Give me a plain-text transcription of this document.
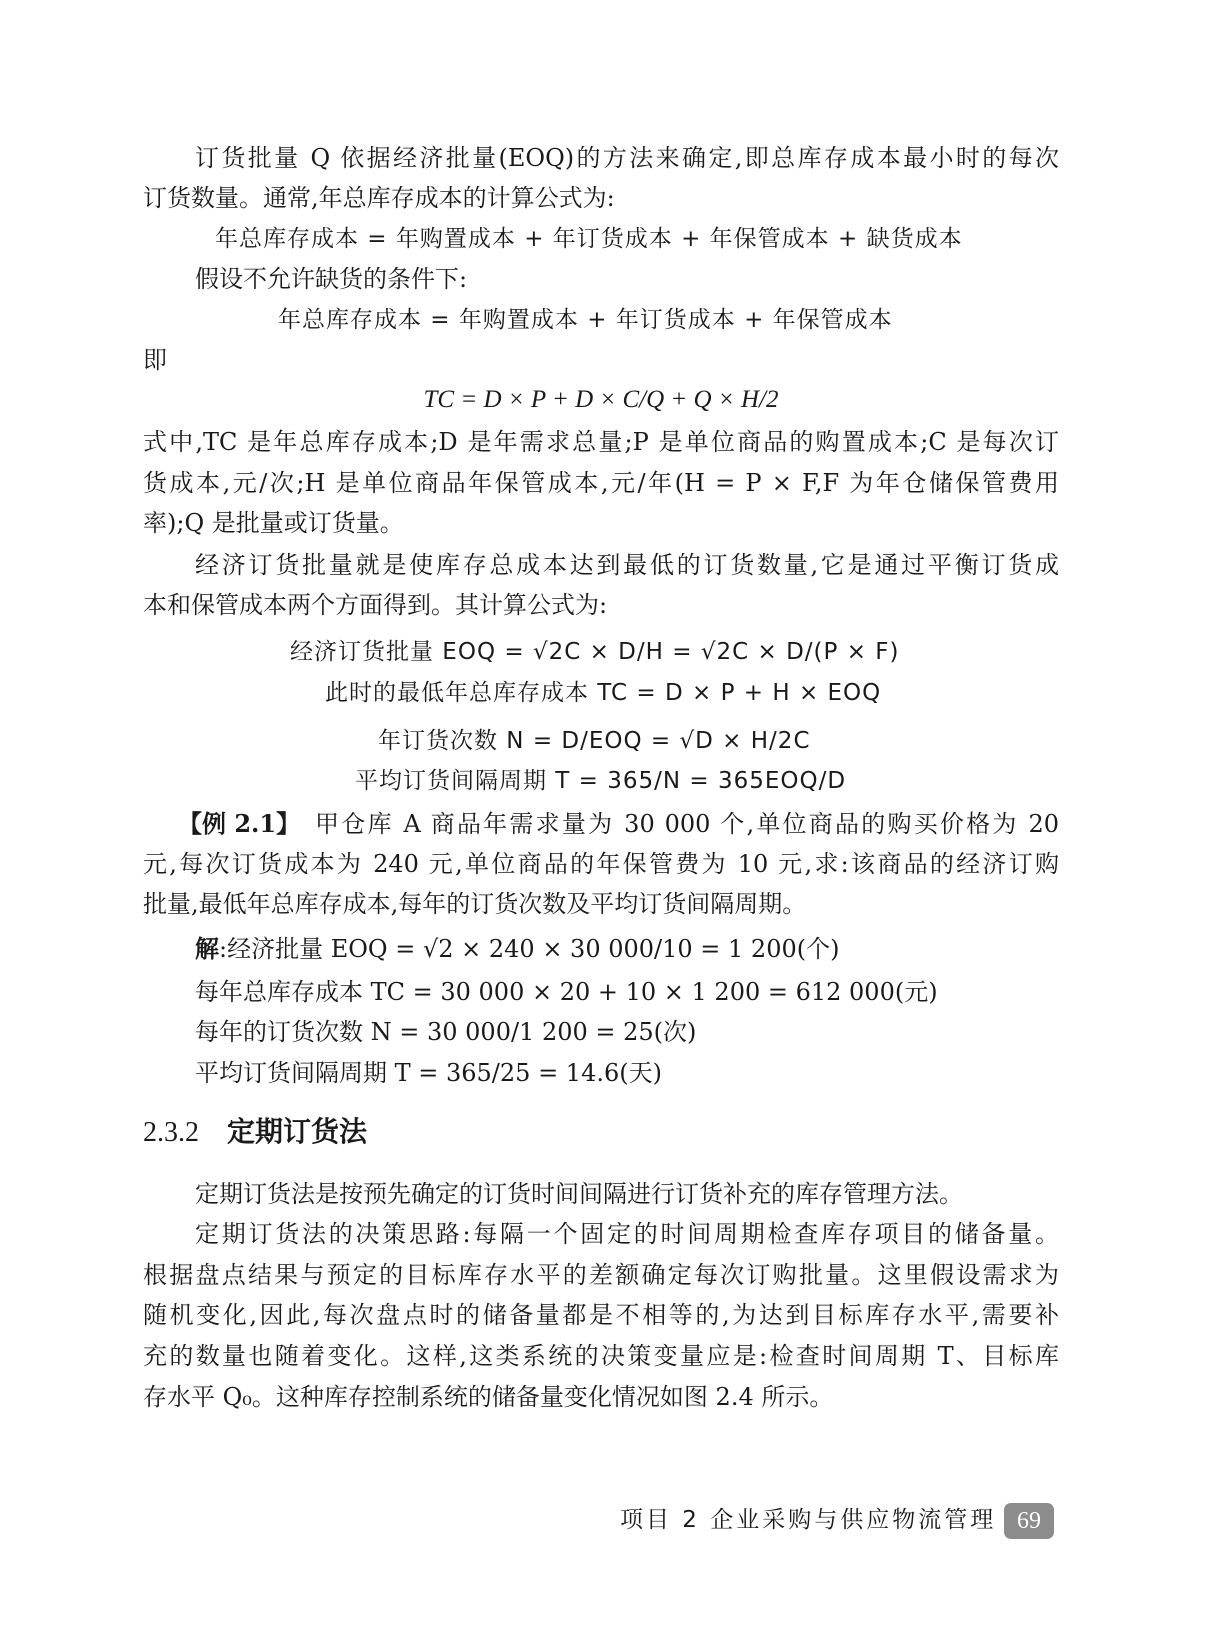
订货批量 Q 依据经济批量(EOQ)的方法来确定,即总库存成本最小时的每次
订货数量。通常,年总库存成本的计算公式为:
年总库存成本 = 年购置成本 + 年订货成本 + 年保管成本 + 缺货成本
假设不允许缺货的条件下:
年总库存成本 = 年购置成本 + 年订货成本 + 年保管成本
即
TC = D × P + D × C/Q + Q × H/2
式中,TC 是年总库存成本;D 是年需求总量;P 是单位商品的购置成本;C 是每次订
货成本,元/次;H 是单位商品年保管成本,元/年(H = P × F,F 为年仓储保管费用
率);Q 是批量或订货量。
经济订货批量就是使库存总成本达到最低的订货数量,它是通过平衡订货成
本和保管成本两个方面得到。其计算公式为:
经济订货批量 EOQ = √2C × D/H = √2C × D/(P × F)
此时的最低年总库存成本 TC = D × P + H × EOQ
年订货次数 N = D/EOQ = √D × H/2C
平均订货间隔周期 T = 365/N = 365EOQ/D
【例 2.1】 甲仓库 A 商品年需求量为 30 000 个,单位商品的购买价格为 20
元,每次订货成本为 240 元,单位商品的年保管费为 10 元,求:该商品的经济订购
批量,最低年总库存成本,每年的订货次数及平均订货间隔周期。
解:经济批量 EOQ = √2 × 240 × 30 000/10 = 1 200(个)
每年总库存成本 TC = 30 000 × 20 + 10 × 1 200 = 612 000(元)
每年的订货次数 N = 30 000/1 200 = 25(次)
平均订货间隔周期 T = 365/25 = 14.6(天)
2.3.2 定期订货法
定期订货法是按预先确定的订货时间间隔进行订货补充的库存管理方法。
定期订货法的决策思路:每隔一个固定的时间周期检查库存项目的储备量。
根据盘点结果与预定的目标库存水平的差额确定每次订购批量。这里假设需求为
随机变化,因此,每次盘点时的储备量都是不相等的,为达到目标库存水平,需要补
充的数量也随着变化。这样,这类系统的决策变量应是:检查时间周期 T、目标库
存水平 Q₀。这种库存控制系统的储备量变化情况如图 2.4 所示。
项目 2 企业采购与供应物流管理 69
